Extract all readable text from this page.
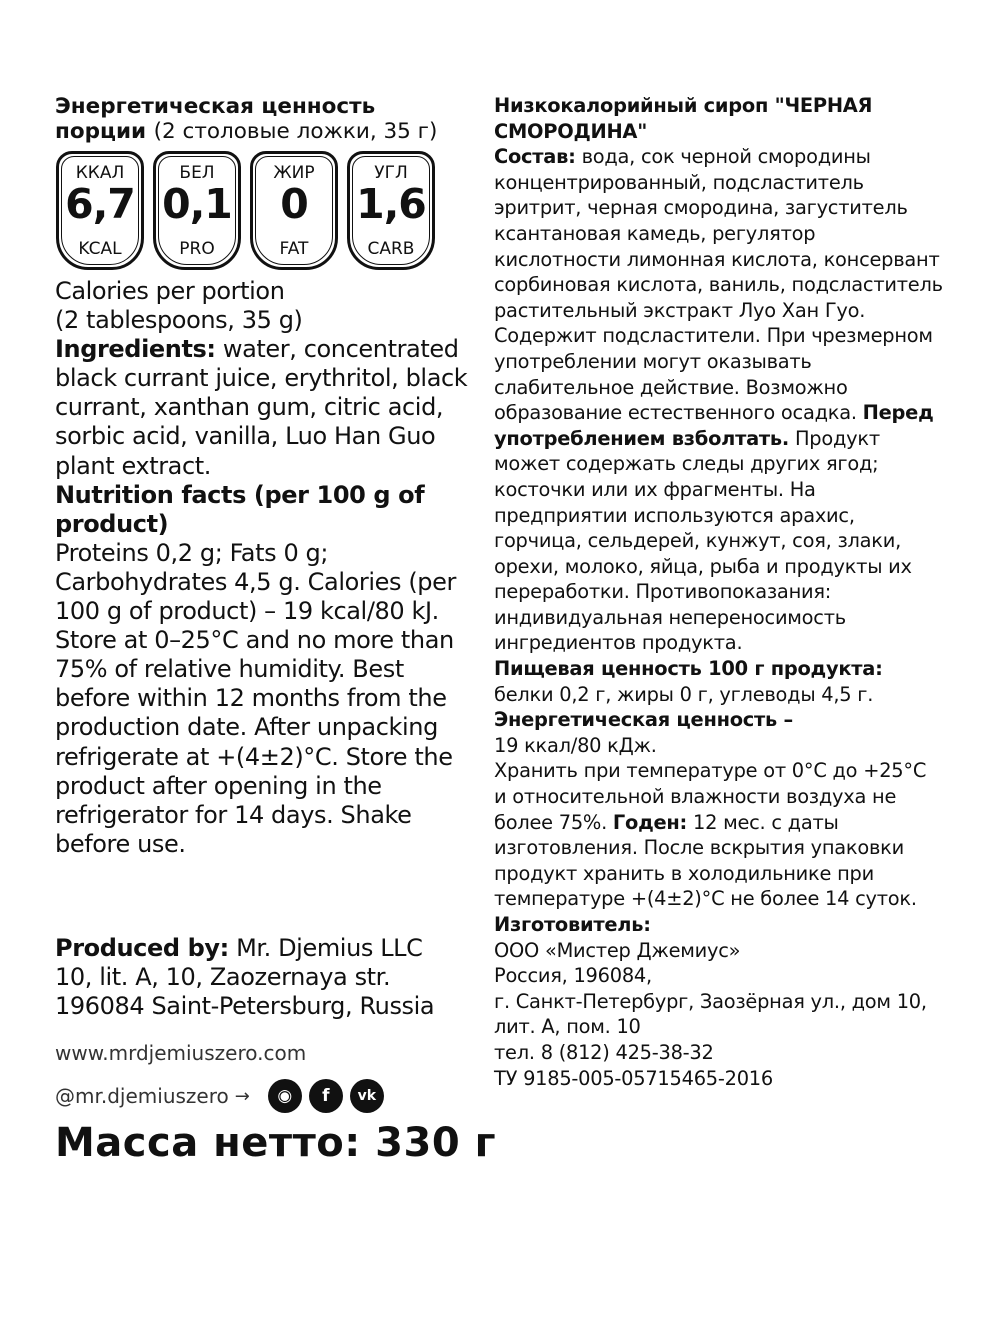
Энергетическая ценность
порции (2 столовые ложки, 35 г)
ККАЛ
6,7
KCAL
БЕЛ
0,1
PRO
ЖИР
0
FAT
УГЛ
1,6
CARB
Calories per portion
(2 tablespoons, 35 g)

Ingredients: water, concentrated black currant juice, erythritol, black currant, xanthan gum, citric acid, sorbic acid, vanilla, Luo Han Guo plant extract.

Nutrition facts (per 100 g of product)

Proteins 0,2 g; Fats 0 g; Carbohydrates 4,5 g. Calories (per 100 g of product) – 19 kcal/80 kJ.

Store at 0–25°C and no more than 75% of relative humidity. Best before within 12 months from the production date. After unpacking refrigerate at +(4±2)°C. Store the product after opening in the refrigerator for 14 days. Shake before use.

Produced by: Mr. Djemius LLC
10, lit. A, 10, Zaozernaya str.
196084 Saint-Petersburg, Russia
www.mrdjemiuszero.com
@mr.djemiuszero →	◉	f	vk
Масса нетто: 330 г
Низкокалорийный сироп "ЧЕРНАЯ СМОРОДИНА"

Состав: вода, сок черной смородины концентрированный, подсластитель эритрит, черная смородина, загуститель ксантановая камедь, регулятор кислотности лимонная кислота, консервант сорбиновая кислота, ваниль, подсластитель растительный экстракт Луо Хан Гуо. Содержит подсластители. При чрезмерном употреблении могут оказывать слабительное действие. Возможно образование естественного осадка. Перед употреблением взболтать. Продукт может содержать следы других ягод; косточки или их фрагменты. На предприятии используются арахис, горчица, сельдерей, кунжут, соя, злаки, орехи, молоко, яйца, рыба и продукты их переработки. Противопоказания: индивидуальная непереносимость ингредиентов продукта.

Пищевая ценность 100 г продукта:

белки 0,2 г, жиры 0 г, углеводы 4,5 г.

Энергетическая ценность –

19 ккал/80 кДж.

Хранить при температуре от 0°С до +25°С и относительной влажности воздуха не более 75%. Годен: 12 мес. с даты изготовления. После вскрытия упаковки продукт хранить в холодильнике при температуре +(4±2)°С не более 14 суток.

Изготовитель:

ООО «Мистер Джемиус»

Россия, 196084,

г. Санкт-Петербург, Заозёрная ул., дом 10, лит. А, пом. 10

тел. 8 (812) 425-38-32

ТУ 9185-005-05715465-2016
